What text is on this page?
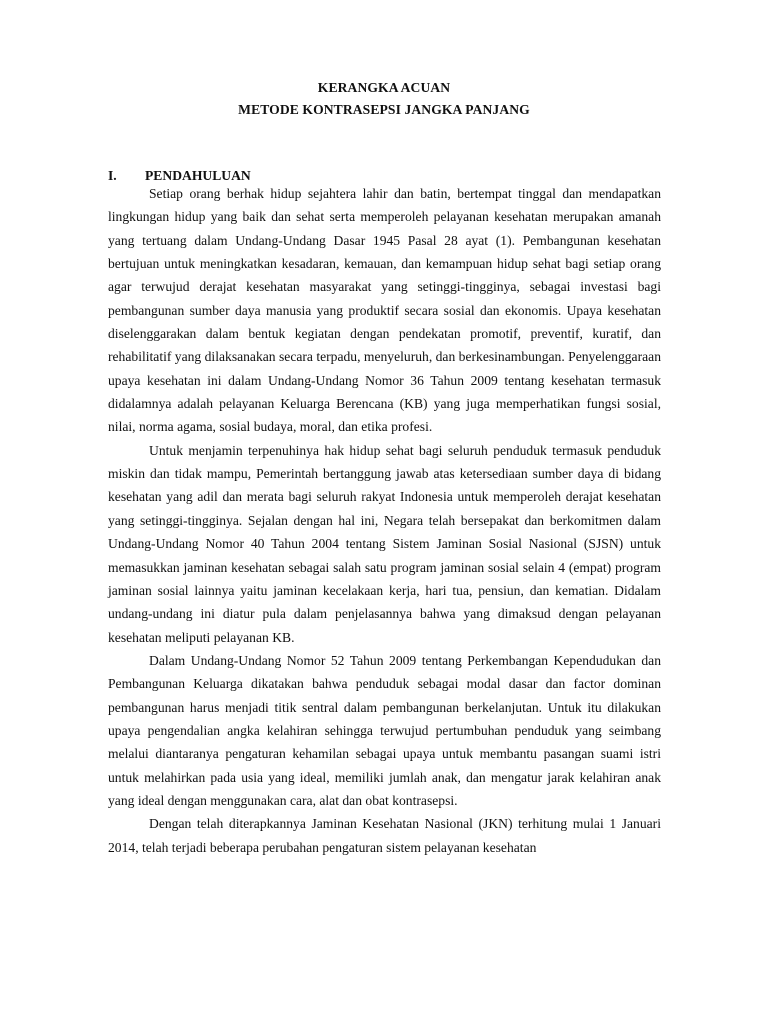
KERANGKA ACUAN
METODE KONTRASEPSI JANGKA PANJANG
I. PENDAHULUAN

Setiap orang berhak hidup sejahtera lahir dan batin, bertempat tinggal dan mendapatkan lingkungan hidup yang baik dan sehat serta memperoleh pelayanan kesehatan merupakan amanah yang tertuang dalam Undang-Undang Dasar 1945 Pasal 28 ayat (1). Pembangunan kesehatan bertujuan untuk meningkatkan kesadaran, kemauan, dan kemampuan hidup sehat bagi setiap orang agar terwujud derajat kesehatan masyarakat yang setinggi-tingginya, sebagai investasi bagi pembangunan sumber daya manusia yang produktif secara sosial dan ekonomis. Upaya kesehatan diselenggarakan dalam bentuk kegiatan dengan pendekatan promotif, preventif, kuratif, dan rehabilitatif yang dilaksanakan secara terpadu, menyeluruh, dan berkesinambungan. Penyelenggaraan upaya kesehatan ini dalam Undang-Undang Nomor 36 Tahun 2009 tentang kesehatan termasuk didalamnya adalah pelayanan Keluarga Berencana (KB) yang juga memperhatikan fungsi sosial, nilai, norma agama, sosial budaya, moral, dan etika profesi.

Untuk menjamin terpenuhinya hak hidup sehat bagi seluruh penduduk termasuk penduduk miskin dan tidak mampu, Pemerintah bertanggung jawab atas ketersediaan sumber daya di bidang kesehatan yang adil dan merata bagi seluruh rakyat Indonesia untuk memperoleh derajat kesehatan yang setinggi-tingginya. Sejalan dengan hal ini, Negara telah bersepakat dan berkomitmen dalam Undang-Undang Nomor 40 Tahun 2004 tentang Sistem Jaminan Sosial Nasional (SJSN) untuk memasukkan jaminan kesehatan sebagai salah satu program jaminan sosial selain 4 (empat) program jaminan sosial lainnya yaitu jaminan kecelakaan kerja, hari tua, pensiun, dan kematian. Didalam undang-undang ini diatur pula dalam penjelasannya bahwa yang dimaksud dengan pelayanan kesehatan meliputi pelayanan KB.

Dalam Undang-Undang Nomor 52 Tahun 2009 tentang Perkembangan Kependudukan dan Pembangunan Keluarga dikatakan bahwa penduduk sebagai modal dasar dan factor dominan pembangunan harus menjadi titik sentral dalam pembangunan berkelanjutan. Untuk itu dilakukan upaya pengendalian angka kelahiran sehingga terwujud pertumbuhan penduduk yang seimbang melalui diantaranya pengaturan kehamilan sebagai upaya untuk membantu pasangan suami istri untuk melahirkan pada usia yang ideal, memiliki jumlah anak, dan mengatur jarak kelahiran anak yang ideal dengan menggunakan cara, alat dan obat kontrasepsi.

Dengan telah diterapkannya Jaminan Kesehatan Nasional (JKN) terhitung mulai 1 Januari 2014, telah terjadi beberapa perubahan pengaturan sistem pelayanan kesehatan
